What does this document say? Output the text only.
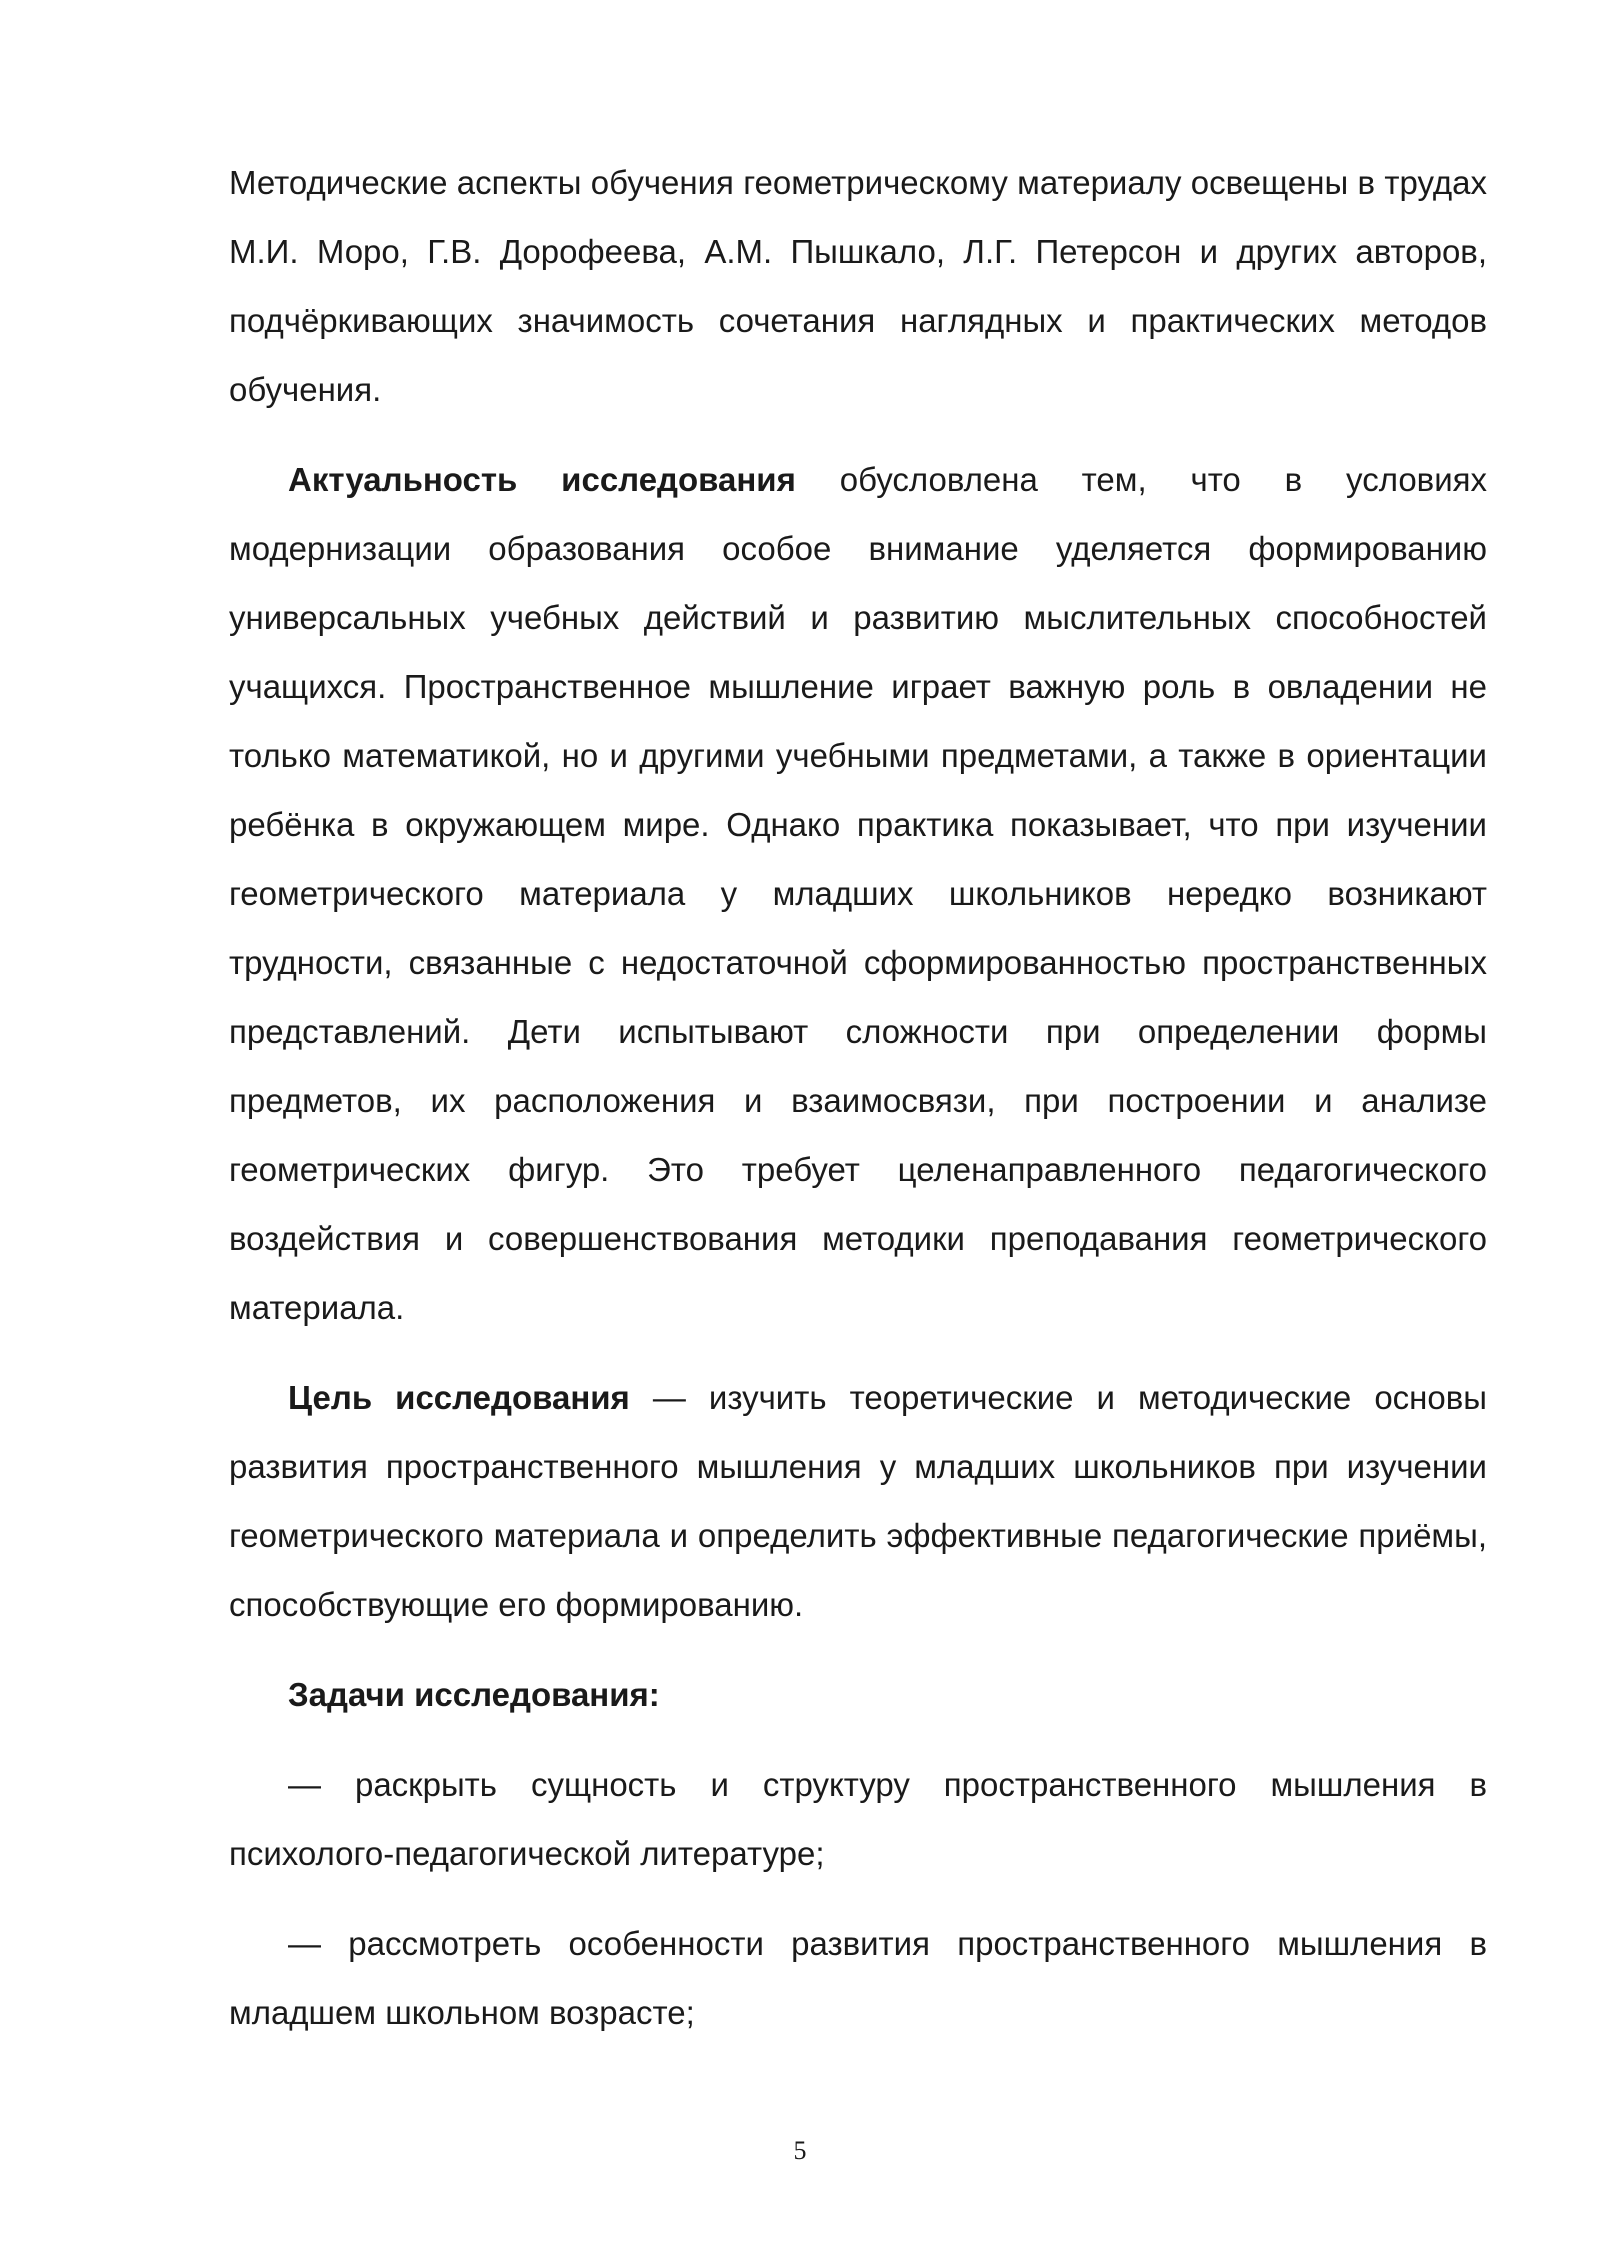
Методические аспекты обучения геометрическому материалу освещены в трудах М.И. Моро, Г.В. Дорофеева, А.М. Пышкало, Л.Г. Петерсон и других авторов, подчёркивающих значимость сочетания наглядных и практических методов обучения.

Актуальность исследования обусловлена тем, что в условиях модернизации образования особое внимание уделяется формированию универсальных учебных действий и развитию мыслительных способностей учащихся. Пространственное мышление играет важную роль в овладении не только математикой, но и другими учебными предметами, а также в ориентации ребёнка в окружающем мире. Однако практика показывает, что при изучении геометрического материала у младших школьников нередко возникают трудности, связанные с недостаточной сформированностью пространственных представлений. Дети испытывают сложности при определении формы предметов, их расположения и взаимосвязи, при построении и анализе геометрических фигур. Это требует целенаправленного педагогического воздействия и совершенствования методики преподавания геометрического материала.

Цель исследования — изучить теоретические и методические основы развития пространственного мышления у младших школьников при изучении геометрического материала и определить эффективные педагогические приёмы, способствующие его формированию.

Задачи исследования:

— раскрыть сущность и структуру пространственного мышления в психолого-педагогической литературе;

— рассмотреть особенности развития пространственного мышления в младшем школьном возрасте;

5
